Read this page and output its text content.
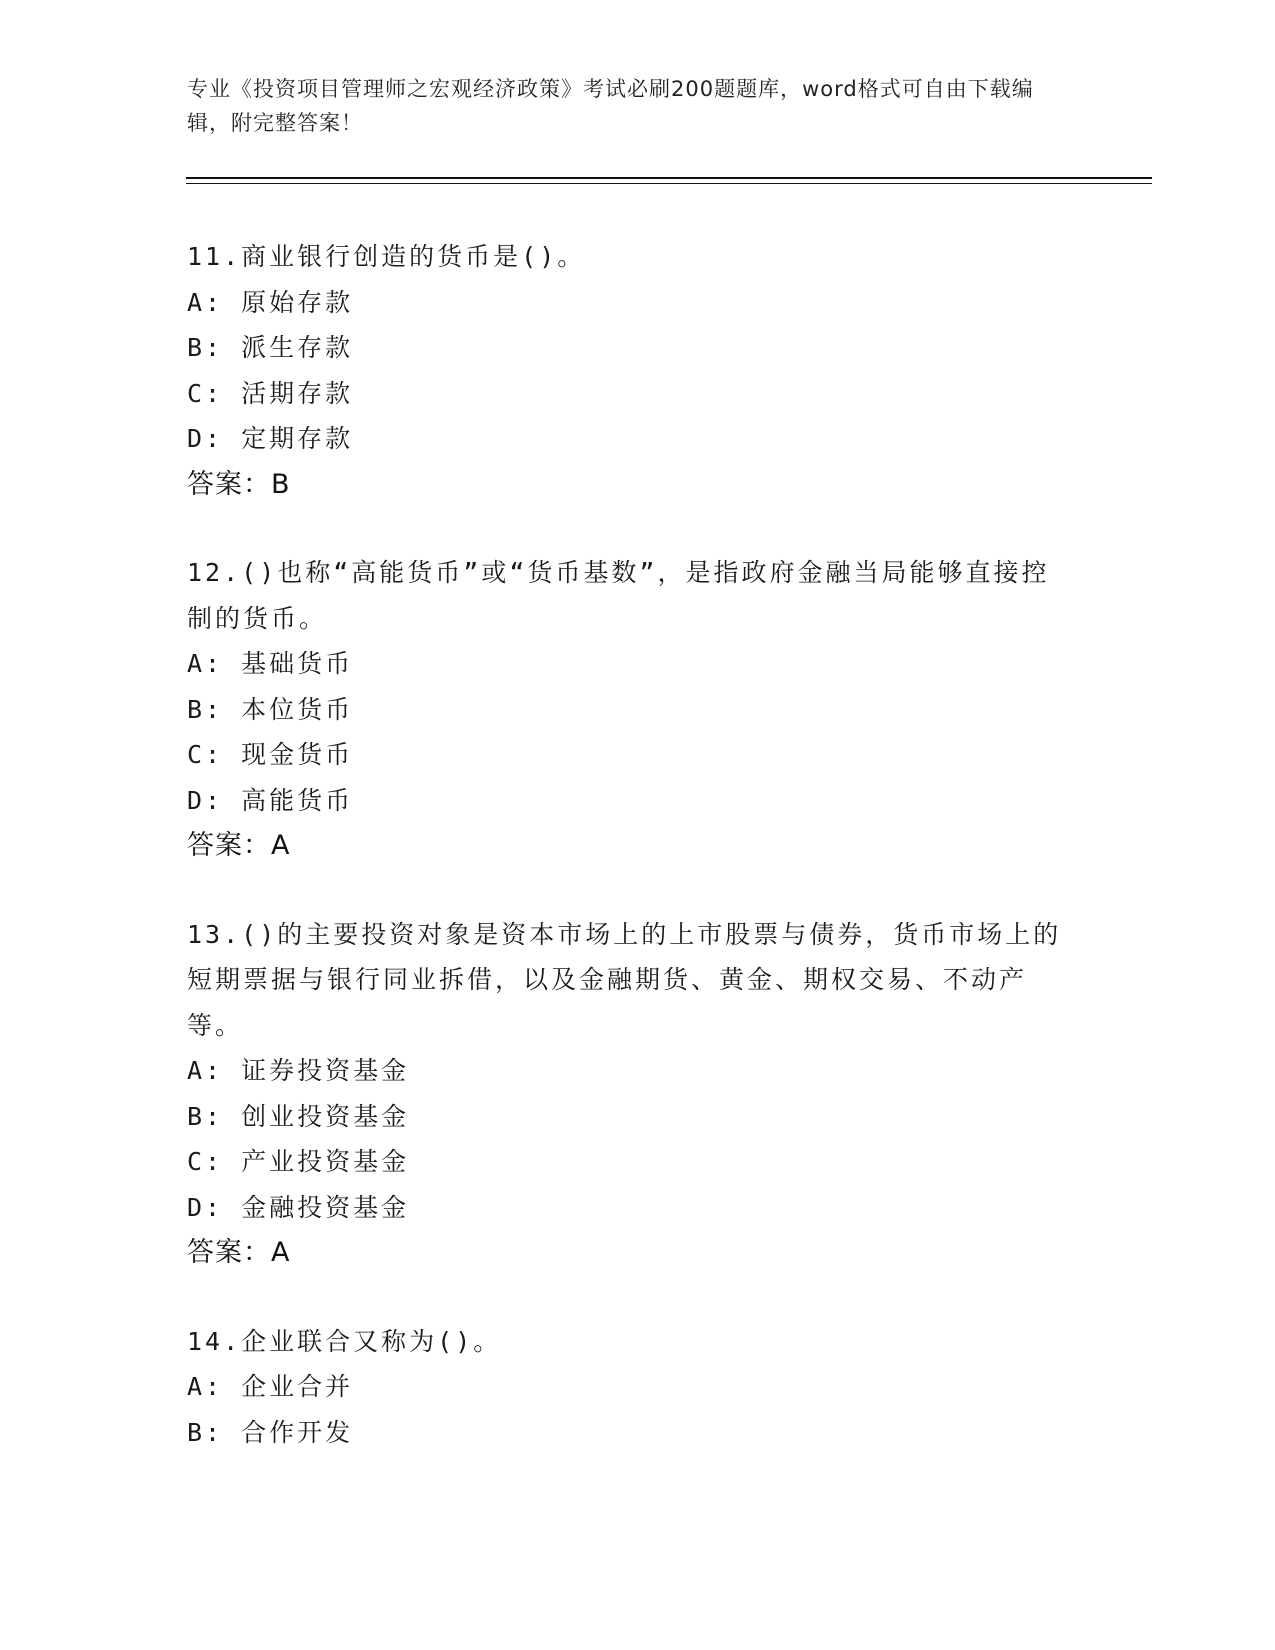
专业《投资项目管理师之宏观经济政策》考试必刷200题题库，word格式可自由下载编辑，附完整答案！
11.商业银行创造的货币是()。
A: 原始存款
B: 派生存款
C: 活期存款
D: 定期存款
答案：B
12.()也称“高能货币”或“货币基数”，是指政府金融当局能够直接控制的货币。
A: 基础货币
B: 本位货币
C: 现金货币
D: 高能货币
答案：A
13.()的主要投资对象是资本市场上的上市股票与债券，货币市场上的短期票据与银行同业拆借，以及金融期货、黄金、期权交易、不动产等。
A: 证券投资基金
B: 创业投资基金
C: 产业投资基金
D: 金融投资基金
答案：A
14.企业联合又称为()。
A: 企业合并
B: 合作开发
